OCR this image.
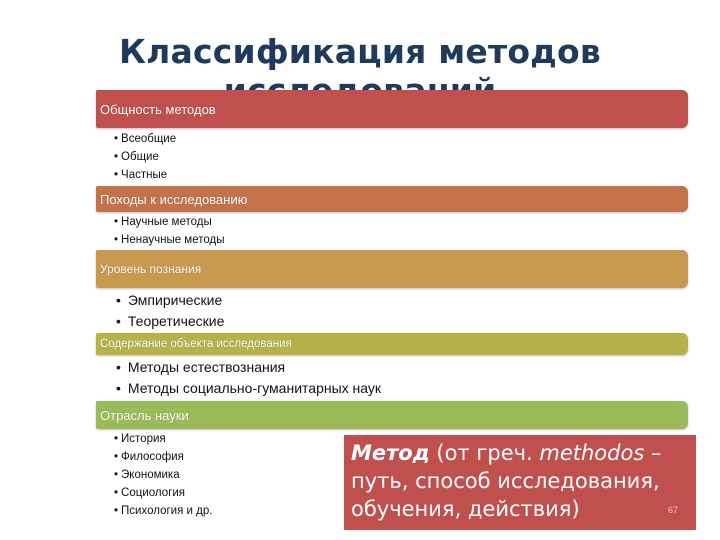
Классификация методов
Общность методов
• Всеобщие
• Общие
• Частные
Походы к исследованию
• Научные методы
• Ненаучные методы
Уровень познания
• Эмпирические
• Теоретические
Содержание объекта исследования
• Методы естествознания
• Методы социально-гуманитарных наук
Отрасль науки
• История
• Философия
• Экономика
• Социология
• Психология и др.
Метод (от греч. methodos – путь, способ исследования, обучения, действия)	67
